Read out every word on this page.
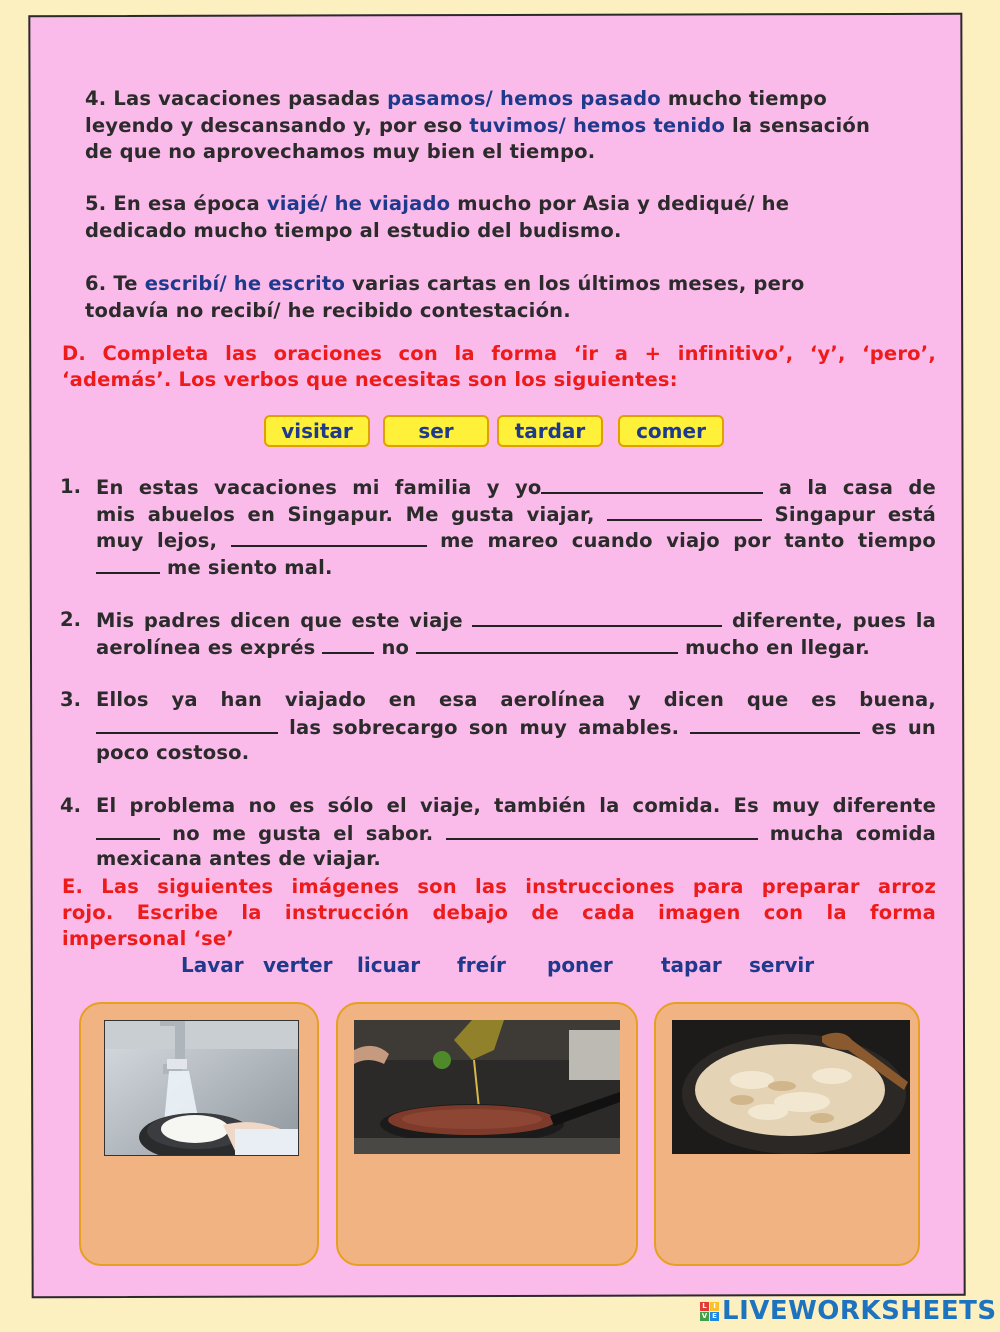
4. Las vacaciones pasadas pasamos/ hemos pasado mucho tiempo leyendo y descansando y, por eso tuvimos/ hemos tenido la sensación de que no aprovechamos muy bien el tiempo.
5. En esa época viajé/ he viajado mucho por Asia y dediqué/ he dedicado mucho tiempo al estudio del budismo.
6. Te escribí/ he escrito varias cartas en los últimos meses, pero todavía no recibí/ he recibido contestación.
D. Completa las oraciones con la forma ‘ir a + infinitivo’, ‘y’, ‘pero’,
‘además’. Los verbos que necesitas son los siguientes:
visitar	ser	tardar	comer
1. En estas vacaciones mi familia y yo	a la casa de
mis abuelos en Singapur. Me gusta viajar,	Singapur está
muy lejos,	me mareo cuando viajo por tanto tiempo
me siento mal.
2. Mis padres dicen que este viaje	diferente, pues la
aerolínea es exprés	no	mucho en llegar.
3. Ellos ya han viajado en esa aerolínea y dicen que es buena,
las sobrecargo son muy amables.	es un
poco costoso.
4. El problema no es sólo el viaje, también la comida. Es muy diferente
no me gusta el sabor.	mucha comida
mexicana antes de viajar.
E. Las siguientes imágenes son las instrucciones para preparar arroz
rojo. Escribe la instrucción debajo de cada imagen con la forma
impersonal ‘se’
Lavar verter licuar freír poner tapar servir
L I
V E LIVEWORKSHEETS
